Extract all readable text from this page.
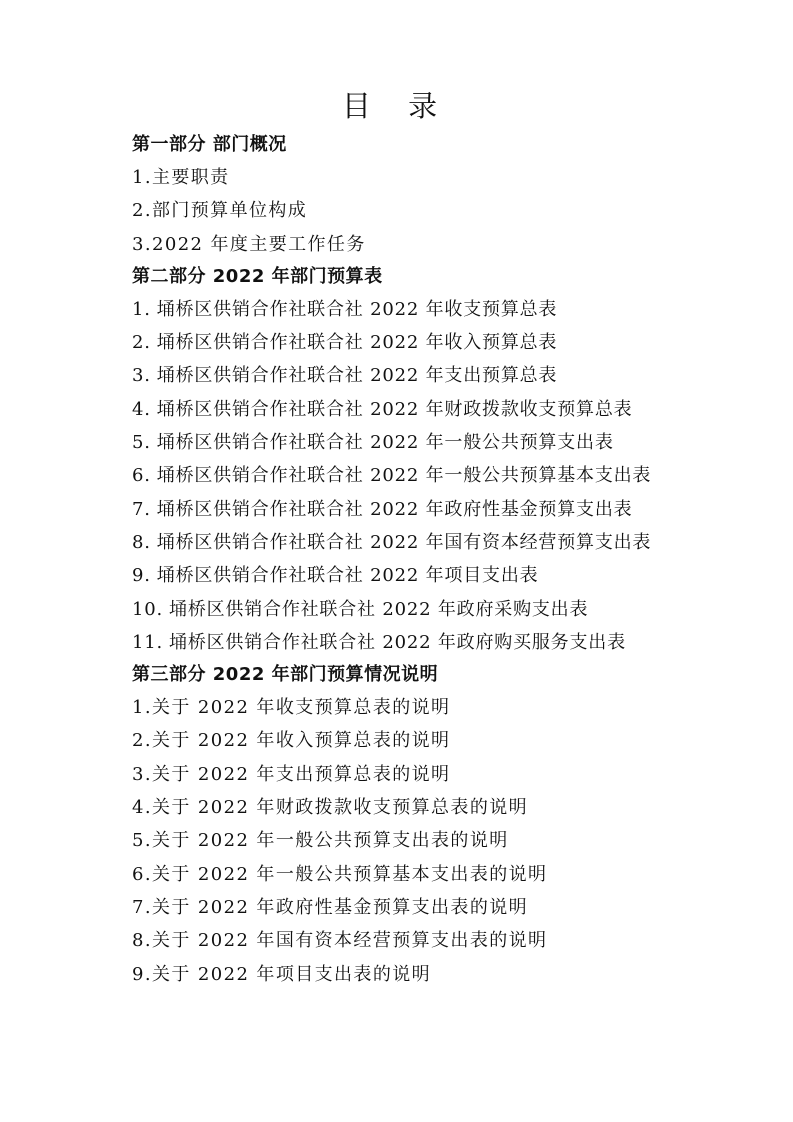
目 录
第一部分 部门概况
1.主要职责
2.部门预算单位构成
3.2022 年度主要工作任务
第二部分 2022 年部门预算表
1. 埇桥区供销合作社联合社 2022 年收支预算总表
2. 埇桥区供销合作社联合社 2022 年收入预算总表
3. 埇桥区供销合作社联合社 2022 年支出预算总表
4. 埇桥区供销合作社联合社 2022 年财政拨款收支预算总表
5. 埇桥区供销合作社联合社 2022 年一般公共预算支出表
6. 埇桥区供销合作社联合社 2022 年一般公共预算基本支出表
7. 埇桥区供销合作社联合社 2022 年政府性基金预算支出表
8. 埇桥区供销合作社联合社 2022 年国有资本经营预算支出表
9. 埇桥区供销合作社联合社 2022 年项目支出表
10. 埇桥区供销合作社联合社 2022 年政府采购支出表
11. 埇桥区供销合作社联合社 2022 年政府购买服务支出表
第三部分 2022 年部门预算情况说明
1.关于 2022 年收支预算总表的说明
2.关于 2022 年收入预算总表的说明
3.关于 2022 年支出预算总表的说明
4.关于 2022 年财政拨款收支预算总表的说明
5.关于 2022 年一般公共预算支出表的说明
6.关于 2022 年一般公共预算基本支出表的说明
7.关于 2022 年政府性基金预算支出表的说明
8.关于 2022 年国有资本经营预算支出表的说明
9.关于 2022 年项目支出表的说明
